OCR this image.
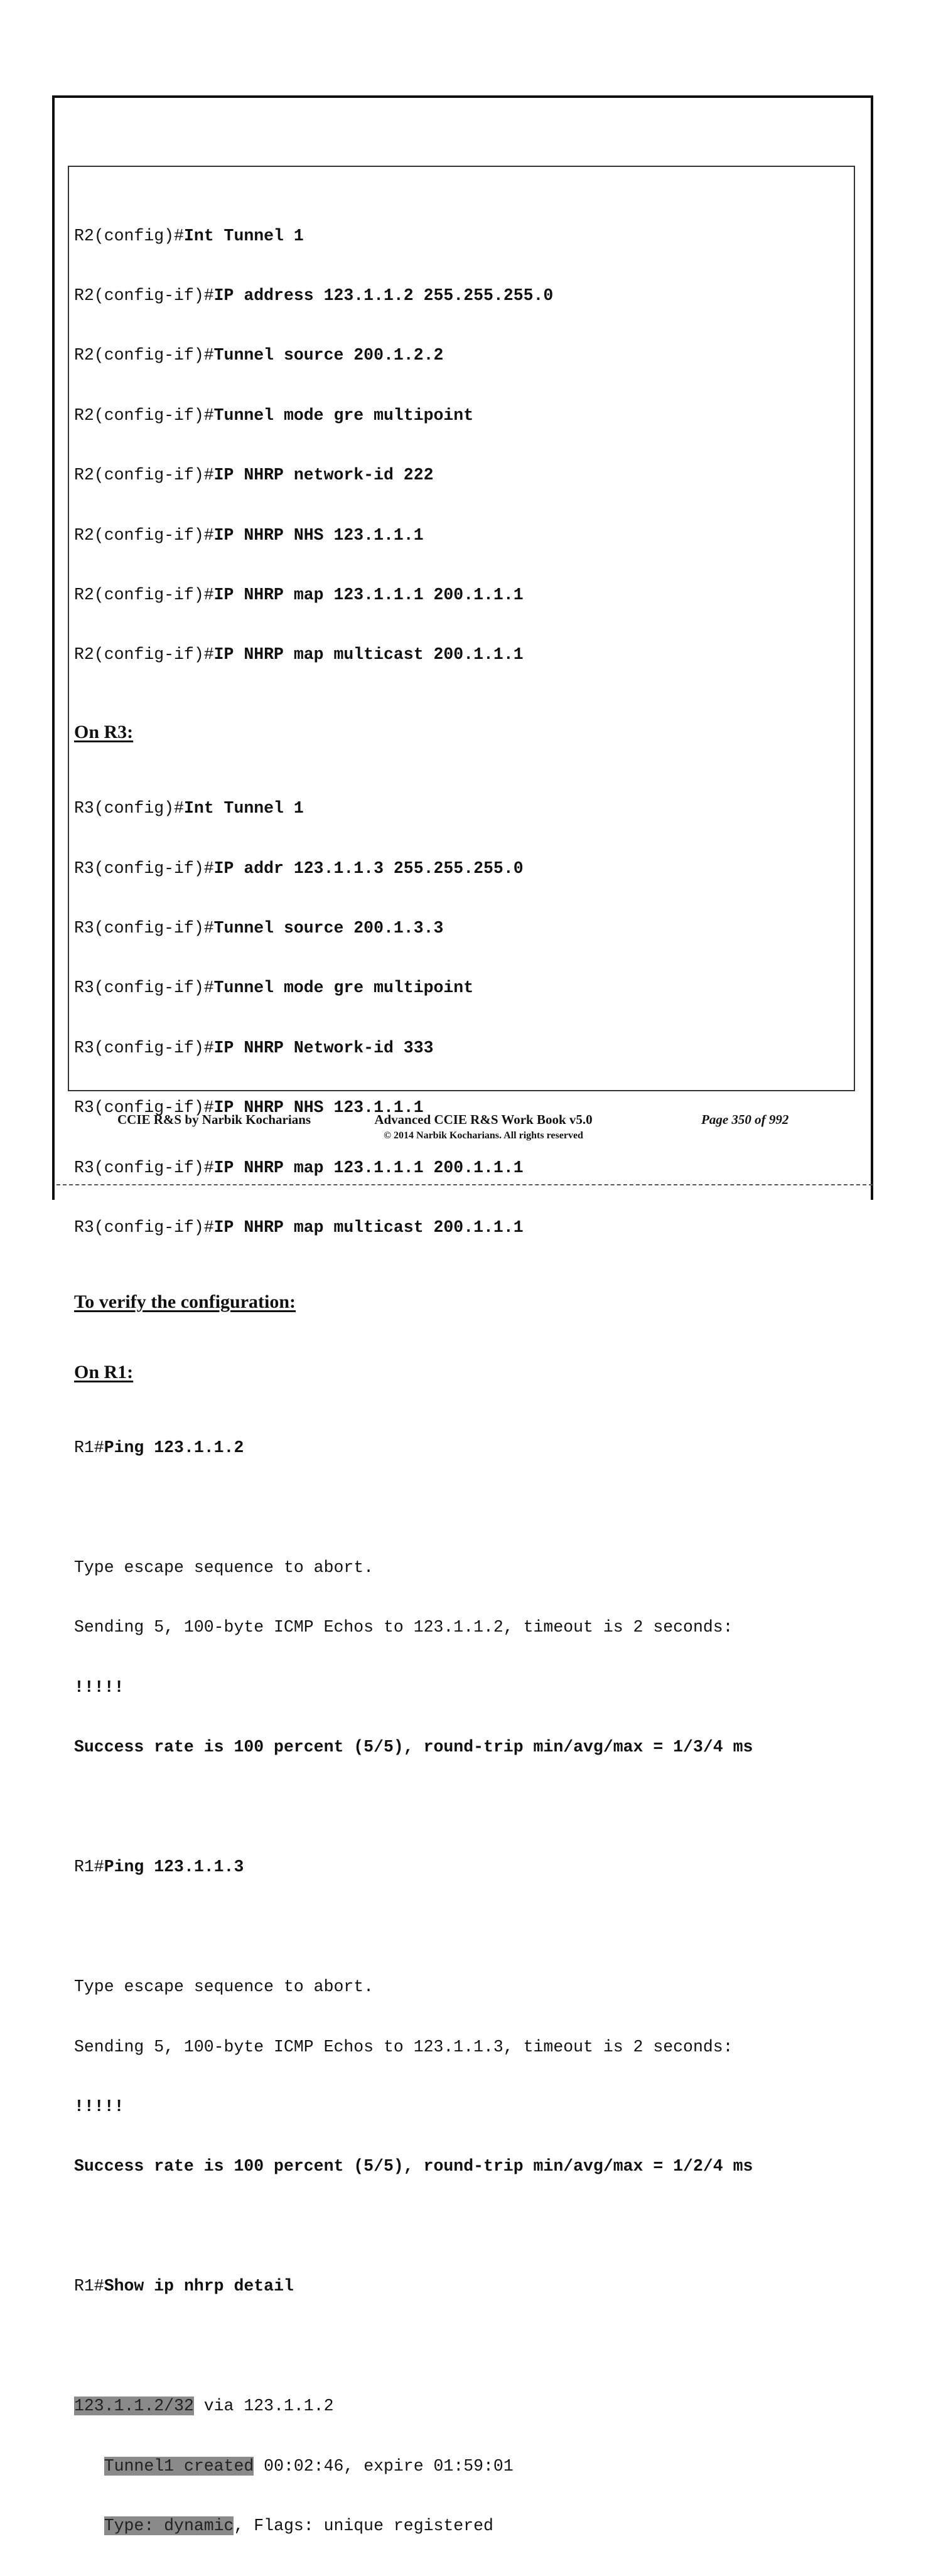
R2(config)#Int Tunnel 1

R2(config-if)#IP address 123.1.1.2 255.255.255.0

R2(config-if)#Tunnel source 200.1.2.2

R2(config-if)#Tunnel mode gre multipoint

R2(config-if)#IP NHRP network-id 222

R2(config-if)#IP NHRP NHS 123.1.1.1

R2(config-if)#IP NHRP map 123.1.1.1 200.1.1.1

R2(config-if)#IP NHRP map multicast 200.1.1.1

On R3:

R3(config)#Int Tunnel 1

R3(config-if)#IP addr 123.1.1.3 255.255.255.0

R3(config-if)#Tunnel source 200.1.3.3

R3(config-if)#Tunnel mode gre multipoint

R3(config-if)#IP NHRP Network-id 333

R3(config-if)#IP NHRP NHS 123.1.1.1

R3(config-if)#IP NHRP map 123.1.1.1 200.1.1.1

R3(config-if)#IP NHRP map multicast 200.1.1.1

To verify the configuration:
On R1:

R1#Ping 123.1.1.2

Type escape sequence to abort.

Sending 5, 100-byte ICMP Echos to 123.1.1.2, timeout is 2 seconds:

!!!!!

Success rate is 100 percent (5/5), round-trip min/avg/max = 1/3/4 ms

R1#Ping 123.1.1.3

Type escape sequence to abort.

Sending 5, 100-byte ICMP Echos to 123.1.1.3, timeout is 2 seconds:

!!!!!

Success rate is 100 percent (5/5), round-trip min/avg/max = 1/2/4 ms

R1#Show ip nhrp detail

123.1.1.2/32 via 123.1.1.2

Tunnel1 created 00:02:46, expire 01:59:01

Type: dynamic, Flags: unique registered

CCIE R&S by Narbik Kocharians	Advanced CCIE R&S Work Book v5.0
© 2014 Narbik Kocharians. All rights reserved
Page 350 of 992
